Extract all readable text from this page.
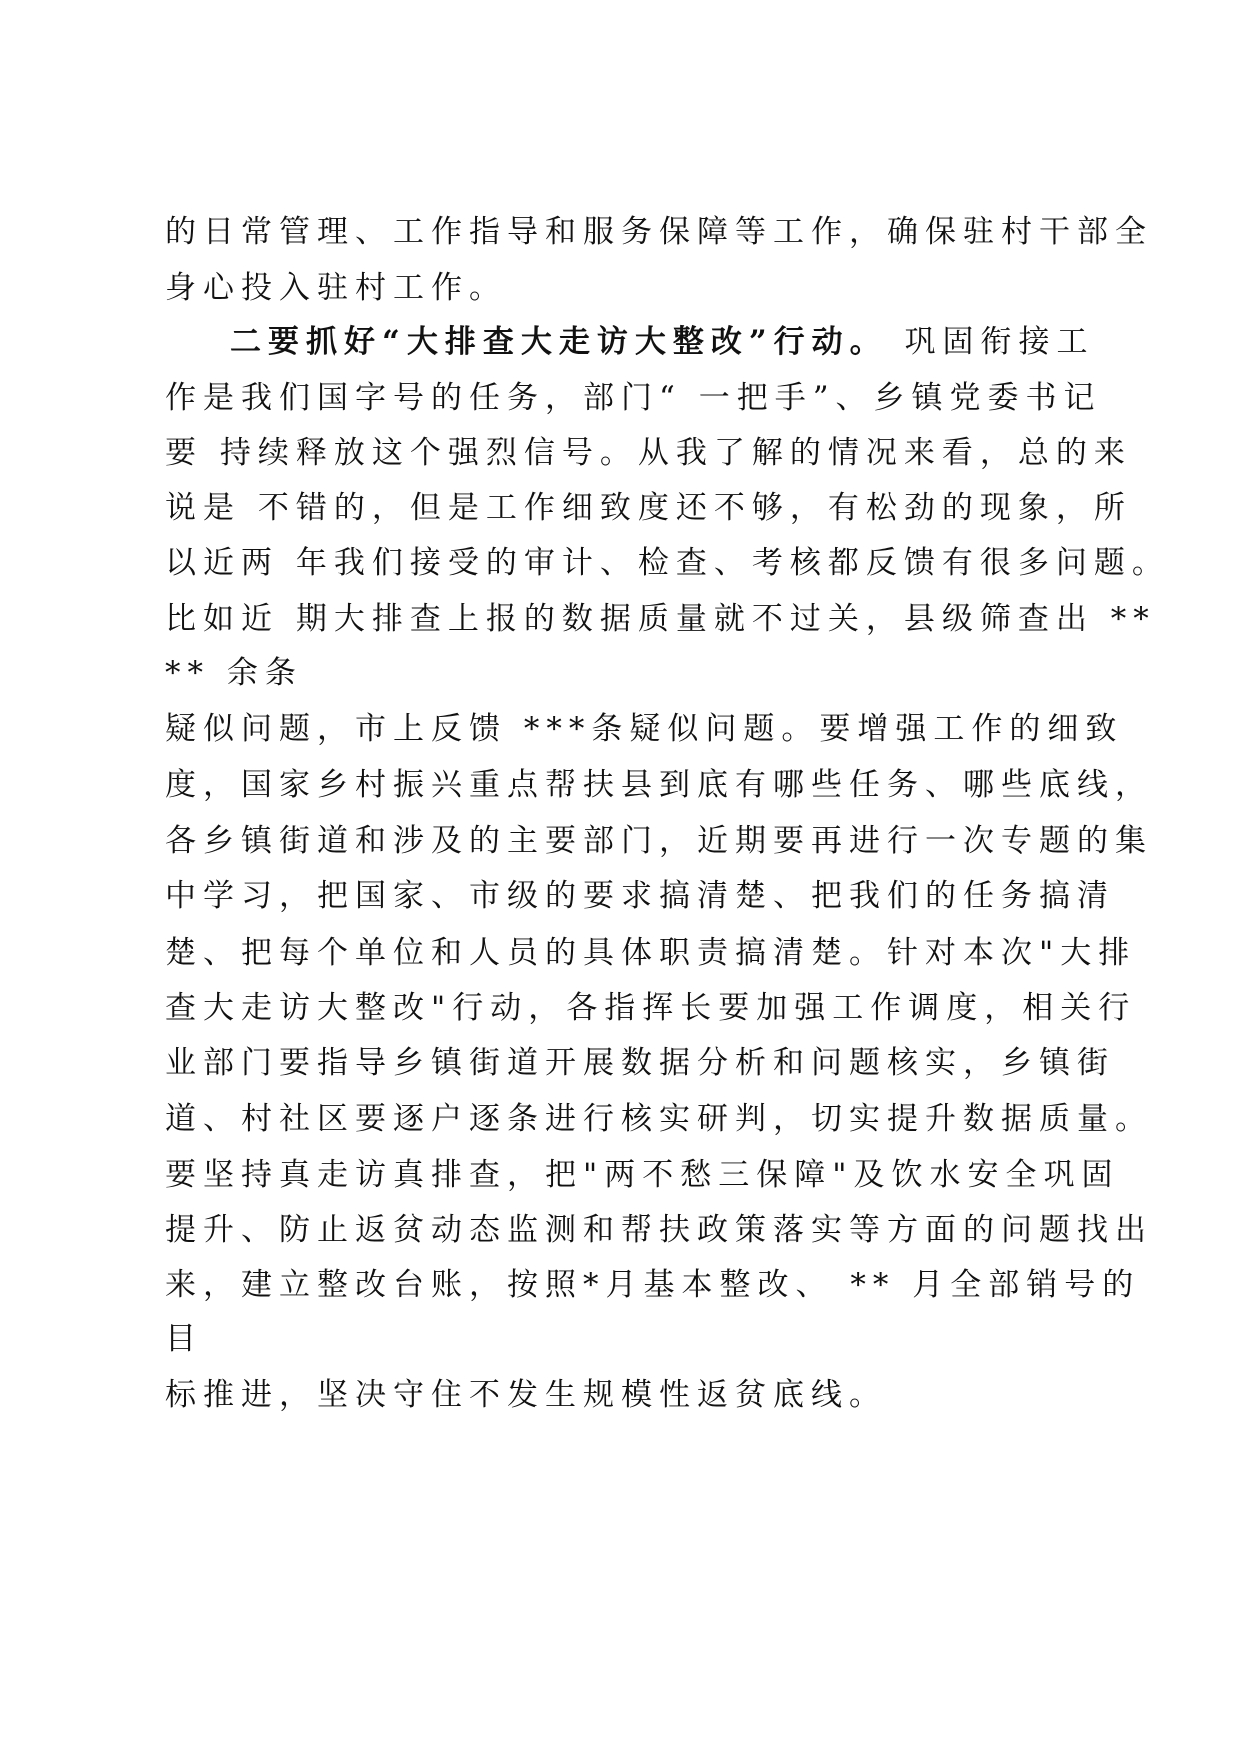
的日常管理、工作指导和服务保障等工作，确保驻村干部全

身心投入驻村工作。

二要抓好“大排查大走访大整改”行动。 巩固衔接工

作是我们国字号的任务，部门“ 一把手”、乡镇党委书记

要 持续释放这个强烈信号。从我了解的情况来看，总的来

说是 不错的，但是工作细致度还不够，有松劲的现象，所

以近两 年我们接受的审计、检查、考核都反馈有很多问题。

比如近 期大排查上报的数据质量就不过关，县级筛查出 **

** 余条

疑似问题，市上反馈 ***条疑似问题。要增强工作的细致

度，国家乡村振兴重点帮扶县到底有哪些任务、哪些底线，

各乡镇街道和涉及的主要部门，近期要再进行一次专题的集

中学习，把国家、市级的要求搞清楚、把我们的任务搞清

楚、把每个单位和人员的具体职责搞清楚。针对本次"大排

查大走访大整改"行动，各指挥长要加强工作调度，相关行

业部门要指导乡镇街道开展数据分析和问题核实，乡镇街

道、村社区要逐户逐条进行核实研判，切实提升数据质量。

要坚持真走访真排查，把"两不愁三保障"及饮水安全巩固

提升、防止返贫动态监测和帮扶政策落实等方面的问题找出

来，建立整改台账，按照*月基本整改、 ** 月全部销号的

目

标推进，坚决守住不发生规模性返贫底线。
